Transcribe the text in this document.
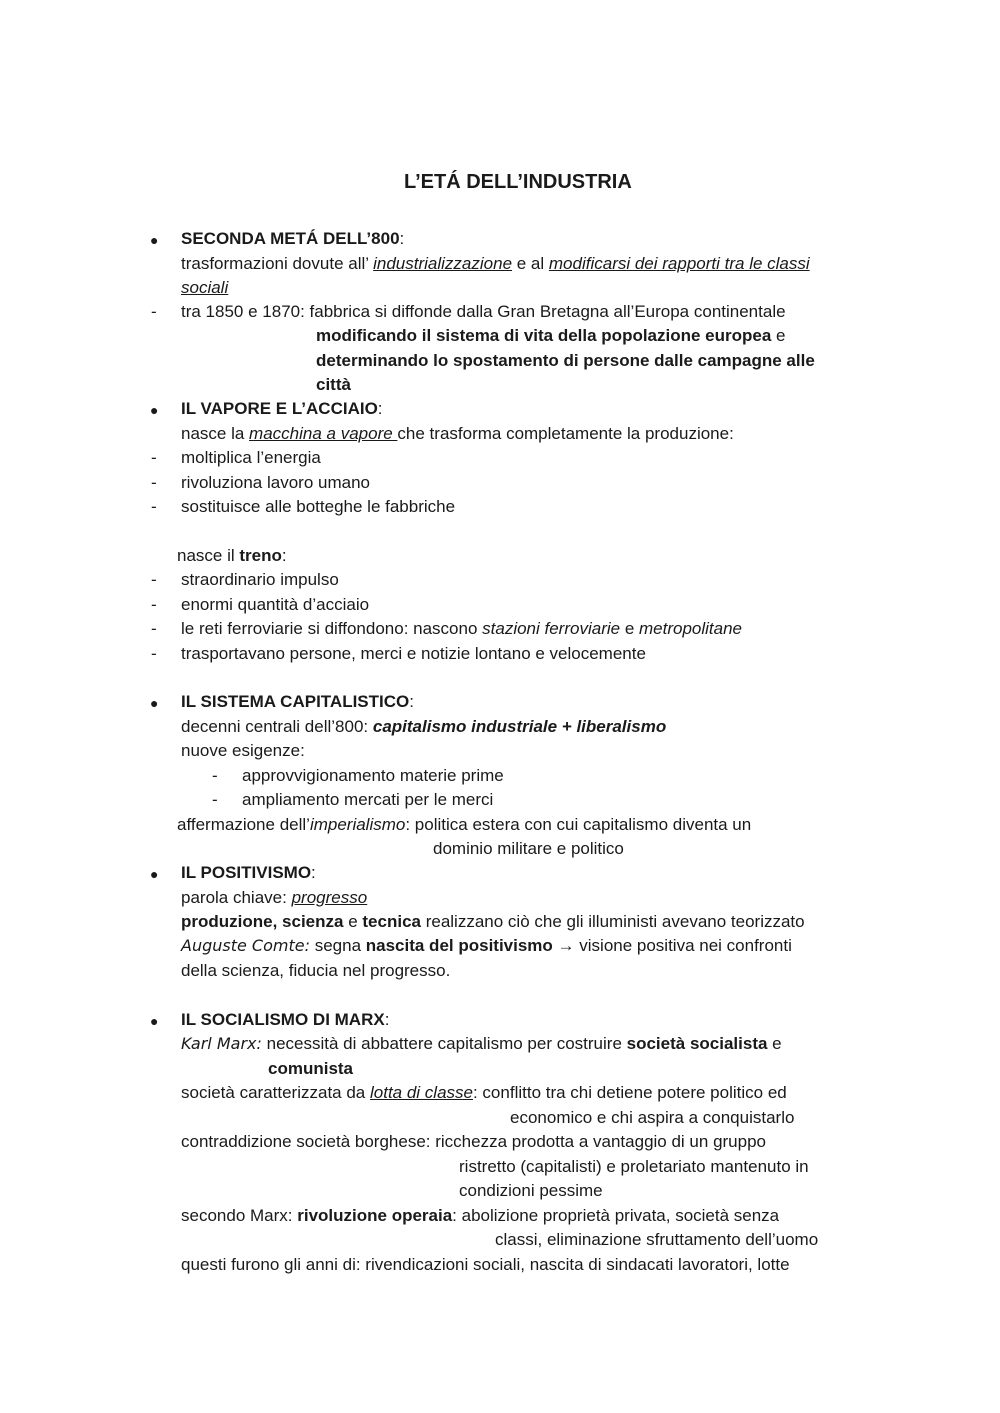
L’ETÁ DELL’INDUSTRIA
● SECONDA METÁ DELL’800:
trasformazioni dovute all’ industrializzazione e al modificarsi dei rapporti tra le classi
sociali
- tra 1850 e 1870: fabbrica si diffonde dalla Gran Bretagna all’Europa continentale
modificando il sistema di vita della popolazione europea e
determinando lo spostamento di persone dalle campagne alle
città
● IL VAPORE E L’ACCIAIO:
nasce la macchina a vapore che trasforma completamente la produzione:
- moltiplica l’energia
- rivoluziona lavoro umano
- sostituisce alle botteghe le fabbriche
nasce il treno:
- straordinario impulso
- enormi quantità d’acciaio
- le reti ferroviarie si diffondono: nascono stazioni ferroviarie e metropolitane
- trasportavano persone, merci e notizie lontano e velocemente
● IL SISTEMA CAPITALISTICO:
decenni centrali dell’800: capitalismo industriale + liberalismo
nuove esigenze:
- approvvigionamento materie prime
- ampliamento mercati per le merci
affermazione dell’imperialismo: politica estera con cui capitalismo diventa un
dominio militare e politico
● IL POSITIVISMO:
parola chiave: progresso
produzione, scienza e tecnica realizzano ciò che gli illuministi avevano teorizzato
Auguste Comte: segna nascita del positivismo → visione positiva nei confronti
della scienza, fiducia nel progresso.
● IL SOCIALISMO DI MARX:
Karl Marx: necessità di abbattere capitalismo per costruire società socialista e
comunista
società caratterizzata da lotta di classe: conflitto tra chi detiene potere politico ed
economico e chi aspira a conquistarlo
contraddizione società borghese: ricchezza prodotta a vantaggio di un gruppo
ristretto (capitalisti) e proletariato mantenuto in
condizioni pessime
secondo Marx: rivoluzione operaia: abolizione proprietà privata, società senza
classi, eliminazione sfruttamento dell’uomo
questi furono gli anni di: rivendicazioni sociali, nascita di sindacati lavoratori, lotte
